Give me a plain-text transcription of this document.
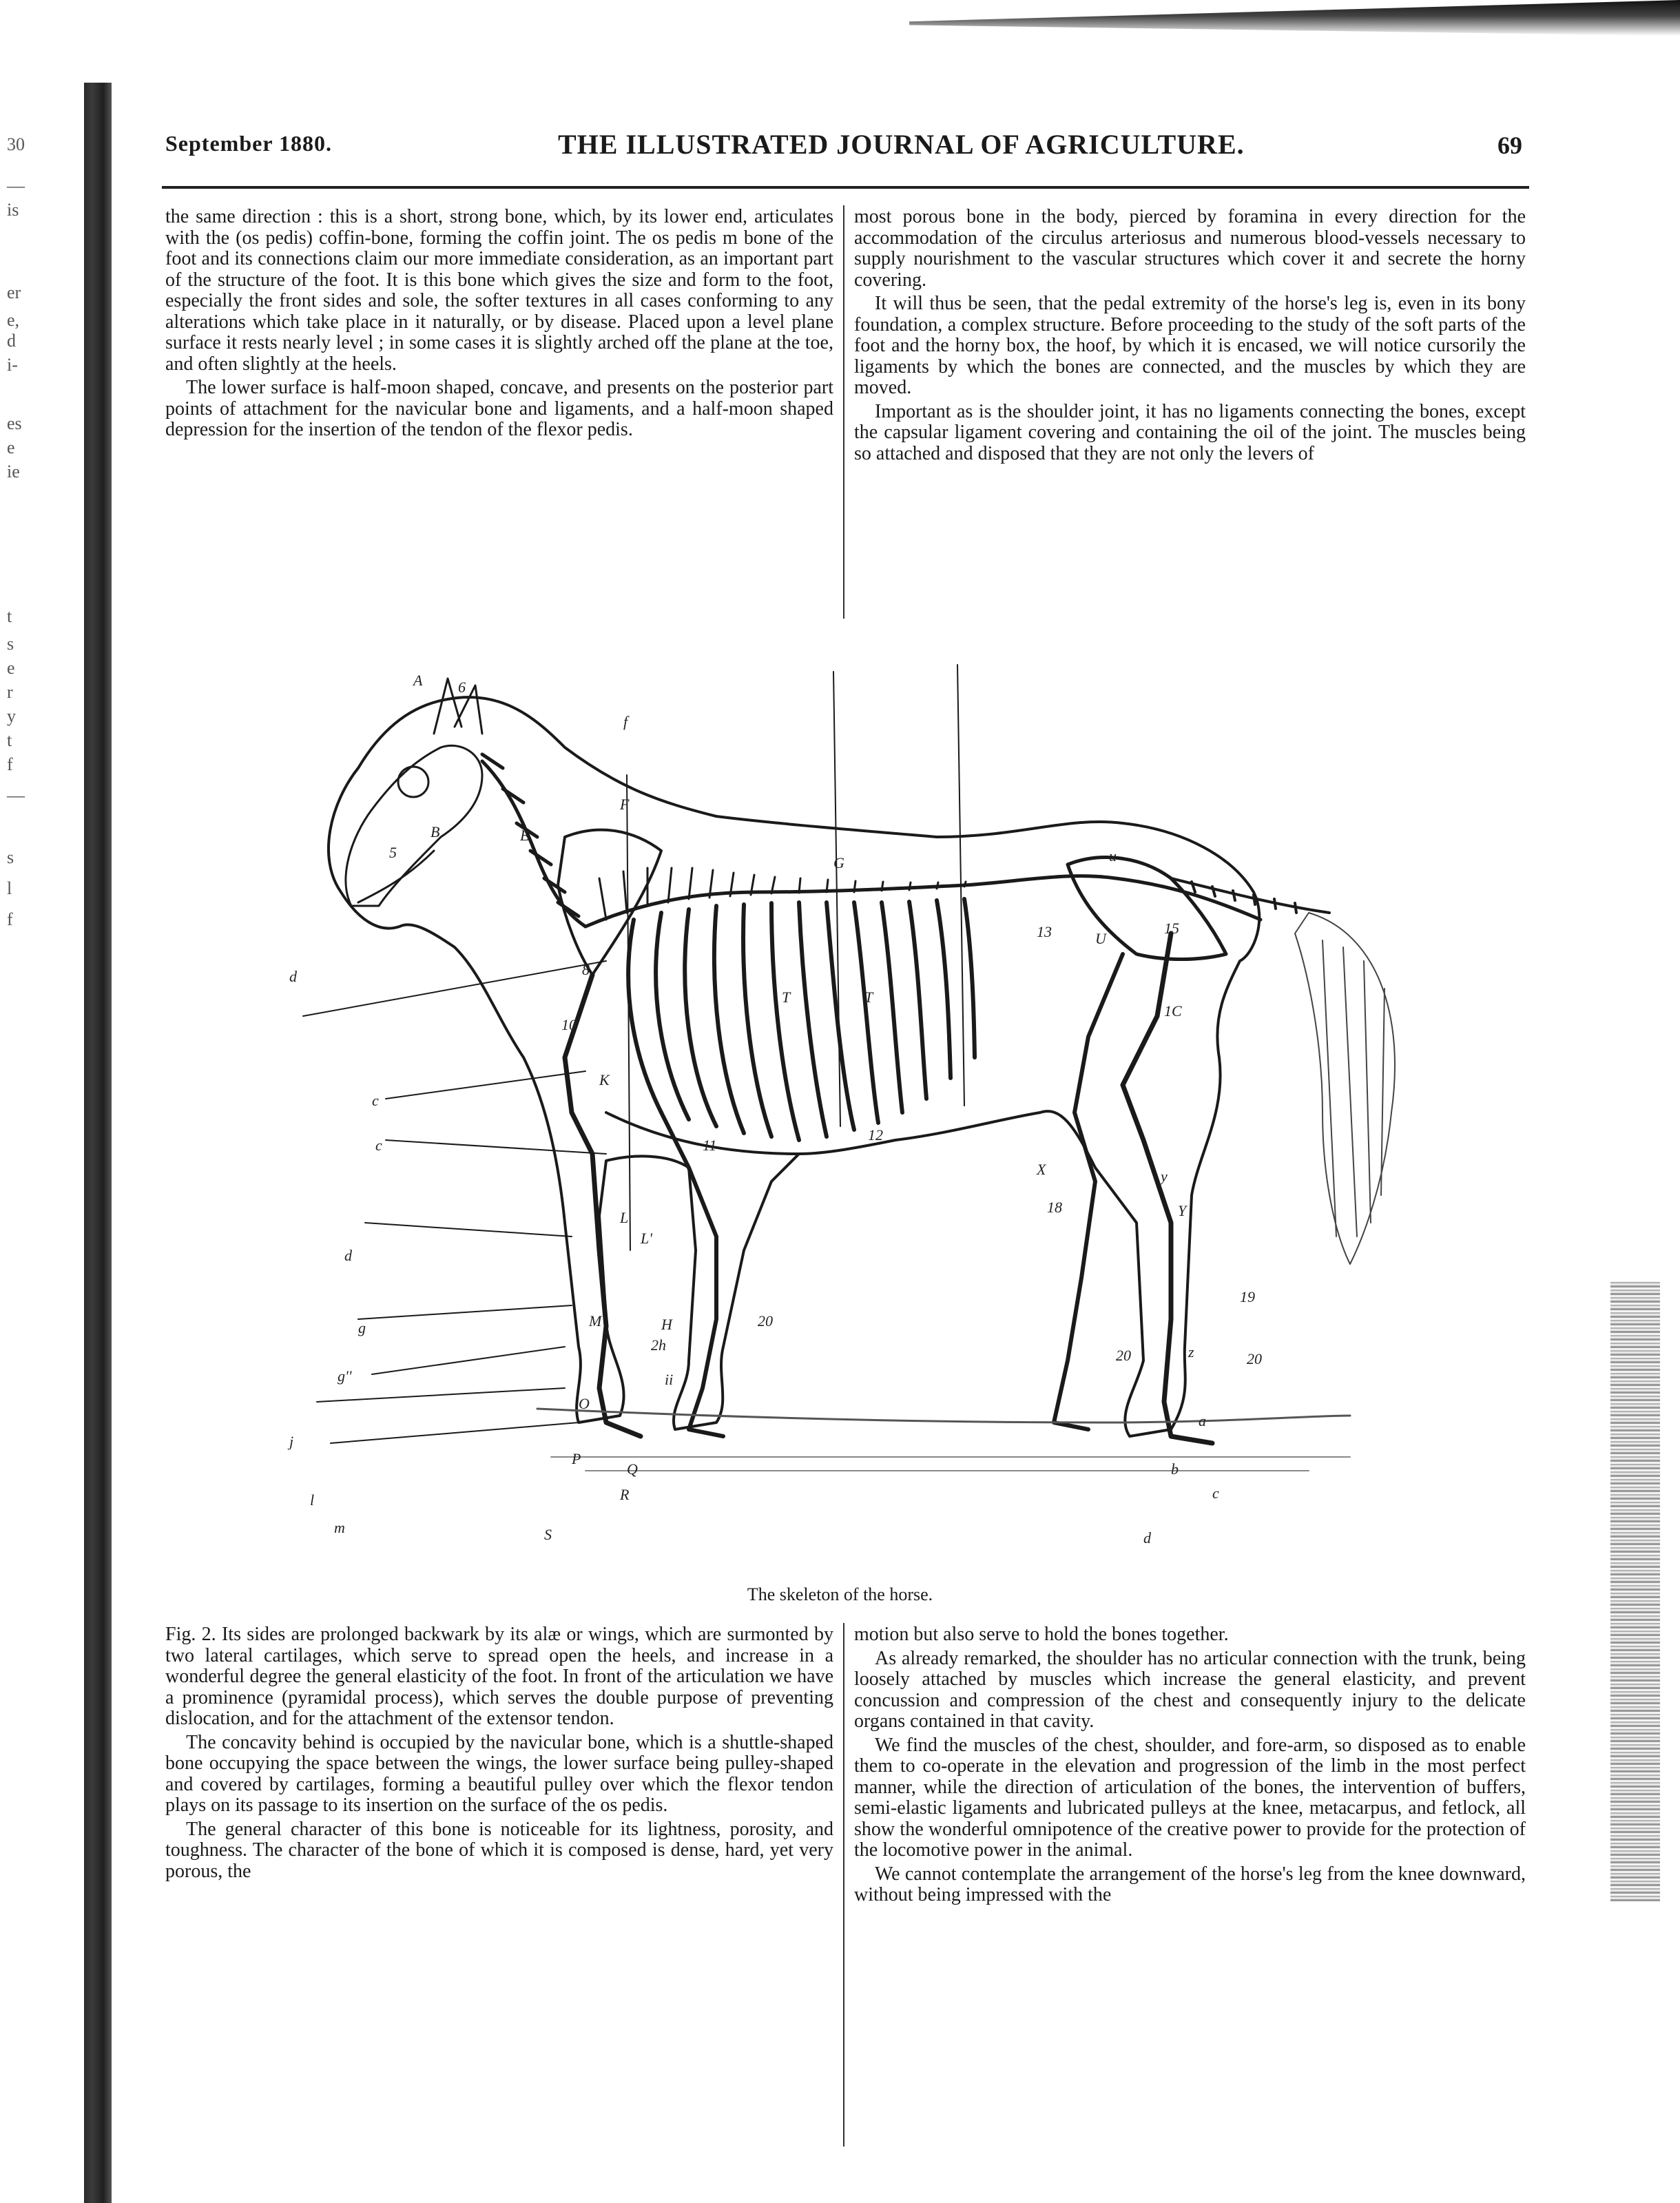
30
—
is
er
e,
d
i-
es
e
ie
t
s
e
r
y
t
f
—
s
l
f
September 1880.	THE ILLUSTRATED JOURNAL OF AGRICULTURE.	69

the same direction : this is a short, strong bone, which, by its lower end, articulates with the (os pedis) coffin-bone, forming the coffin joint. The os pedis m bone of the foot and its connections claim our more immediate consideration, as an important part of the structure of the foot. It is this bone which gives the size and form to the foot, especially the front sides and sole, the softer textures in all cases conforming to any alterations which take place in it naturally, or by disease. Placed upon a level plane surface it rests nearly level ; in some cases it is slightly arched off the plane at the toe, and often slightly at the heels.

The lower surface is half-moon shaped, concave, and presents on the posterior part points of attachment for the navicular bone and ligaments, and a half-moon shaped depression for the insertion of the tendon of the flexor pedis.

most porous bone in the body, pierced by foramina in every direction for the accommodation of the circulus arteriosus and numerous blood-vessels necessary to supply nourishment to the vascular structures which cover it and secrete the horny covering.

It will thus be seen, that the pedal extremity of the horse's leg is, even in its bony foundation, a complex structure. Before proceeding to the study of the soft parts of the foot and the horny box, the hoof, by which it is encased, we will notice cursorily the ligaments by which the bones are connected, and the muscles by which they are moved.

Important as is the shoulder joint, it has no ligaments connecting the bones, except the capsular ligament covering and containing the oil of the joint. The muscles being so attached and disposed that they are not only the levers of

A
B
5
6
E
f
F
G	u
13	U
15
1C
T	T
d	8
10
K
c
c	11
12
X	y
Y
18
L
L'
d
g	M	H
2h
20
g''	ii
O
20
19
z	20
j
P
Q
R
l
m	S
a
b
c
d
The skeleton of the horse.

Fig. 2. Its sides are prolonged backwark by its alæ or wings, which are surmonted by two lateral cartilages, which serve to spread open the heels, and increase in a wonderful degree the general elasticity of the foot. In front of the articulation we have a prominence (pyramidal process), which serves the double purpose of preventing dislocation, and for the attachment of the extensor tendon.

The concavity behind is occupied by the navicular bone, which is a shuttle-shaped bone occupying the space between the wings, the lower surface being pulley-shaped and covered by cartilages, forming a beautiful pulley over which the flexor tendon plays on its passage to its insertion on the surface of the os pedis.

The general character of this bone is noticeable for its lightness, porosity, and toughness. The character of the bone of which it is composed is dense, hard, yet very porous, the

motion but also serve to hold the bones together.

As already remarked, the shoulder has no articular connection with the trunk, being loosely attached by muscles which increase the general elasticity, and prevent concussion and compression of the chest and consequently injury to the delicate organs contained in that cavity.

We find the muscles of the chest, shoulder, and fore-arm, so disposed as to enable them to co-operate in the elevation and progression of the limb in the most perfect manner, while the direction of articulation of the bones, the intervention of buffers, semi-elastic ligaments and lubricated pulleys at the knee, metacarpus, and fetlock, all show the wonderful omnipotence of the creative power to provide for the protection of the locomotive power in the animal.

We cannot contemplate the arrangement of the horse's leg from the knee downward, without being impressed with the
